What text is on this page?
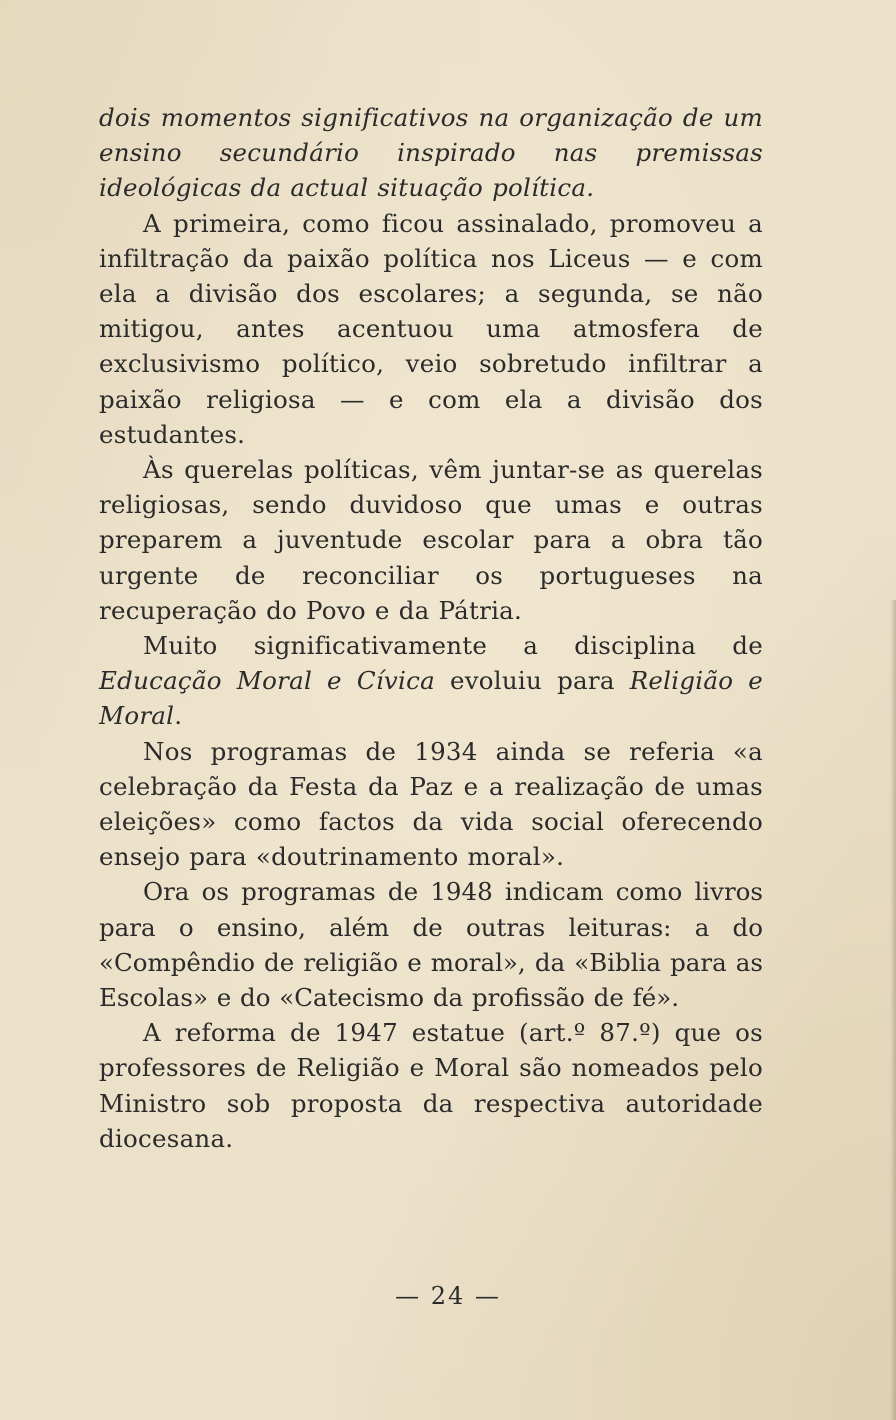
dois momentos significativos na organização de um ensino secundário inspirado nas premissas ideológicas da actual situação política.

A primeira, como ficou assinalado, promoveu a infiltração da paixão política nos Liceus — e com ela a divisão dos escolares; a segunda, se não mitigou, antes acentuou uma atmosfera de exclusivismo político, veio sobretudo infiltrar a paixão religiosa — e com ela a divisão dos estudantes.

Às querelas políticas, vêm juntar-se as querelas religiosas, sendo duvidoso que umas e outras preparem a juventude escolar para a obra tão urgente de reconciliar os portugueses na recuperação do Povo e da Pátria.

Muito significativamente a disciplina de Educação Moral e Cívica evoluiu para Religião e Moral.

Nos programas de 1934 ainda se referia «a celebração da Festa da Paz e a realização de umas eleições» como factos da vida social oferecendo ensejo para «doutrinamento moral».

Ora os programas de 1948 indicam como livros para o ensino, além de outras leituras: a do «Compêndio de religião e moral», da «Biblia para as Escolas» e do «Catecismo da profissão de fé».

A reforma de 1947 estatue (art.º 87.º) que os professores de Religião e Moral são nomeados pelo Ministro sob proposta da respectiva autoridade diocesana.

— 24 —
